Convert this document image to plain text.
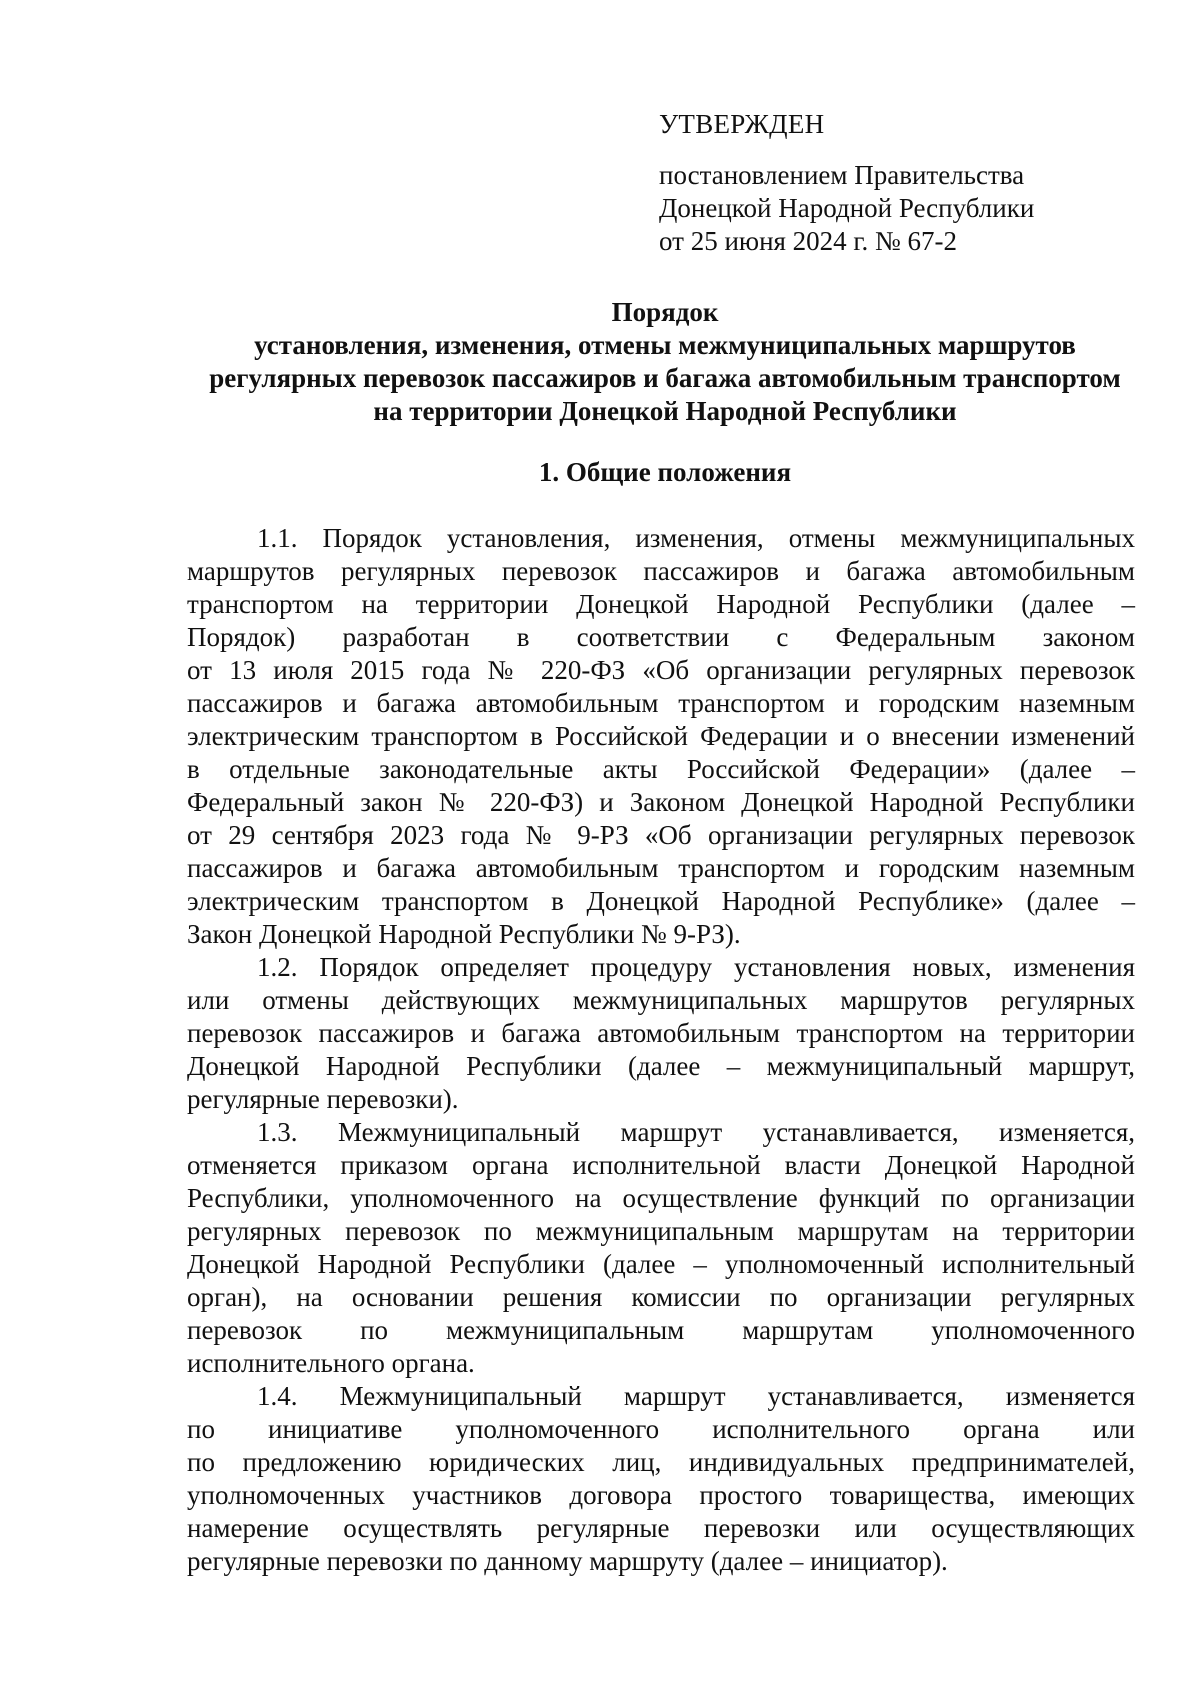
УТВЕРЖДЕН
постановлением Правительства
Донецкой Народной Республики
от 25 июня 2024 г. № 67-2
Порядок
установления, изменения, отмены межмуниципальных маршрутов
регулярных перевозок пассажиров и багажа автомобильным транспортом
на территории Донецкой Народной Республики
1. Общие положения
1.1. Порядок установления, изменения, отмены межмуниципальных
маршрутов регулярных перевозок пассажиров и багажа автомобильным
транспортом на территории Донецкой Народной Республики (далее –
Порядок) разработан в соответствии с Федеральным законом
от 13 июля 2015 года № 220-ФЗ «Об организации регулярных перевозок
пассажиров и багажа автомобильным транспортом и городским наземным
электрическим транспортом в Российской Федерации и о внесении изменений
в отдельные законодательные акты Российской Федерации» (далее –
Федеральный закон № 220-ФЗ) и Законом Донецкой Народной Республики
от 29 сентября 2023 года № 9-РЗ «Об организации регулярных перевозок
пассажиров и багажа автомобильным транспортом и городским наземным
электрическим транспортом в Донецкой Народной Республике» (далее –
Закон Донецкой Народной Республики № 9-РЗ).
1.2. Порядок определяет процедуру установления новых, изменения
или отмены действующих межмуниципальных маршрутов регулярных
перевозок пассажиров и багажа автомобильным транспортом на территории
Донецкой Народной Республики (далее – межмуниципальный маршрут,
регулярные перевозки).
1.3. Межмуниципальный маршрут устанавливается, изменяется,
отменяется приказом органа исполнительной власти Донецкой Народной
Республики, уполномоченного на осуществление функций по организации
регулярных перевозок по межмуниципальным маршрутам на территории
Донецкой Народной Республики (далее – уполномоченный исполнительный
орган), на основании решения комиссии по организации регулярных
перевозок по межмуниципальным маршрутам уполномоченного
исполнительного органа.
1.4. Межмуниципальный маршрут устанавливается, изменяется
по инициативе уполномоченного исполнительного органа или
по предложению юридических лиц, индивидуальных предпринимателей,
уполномоченных участников договора простого товарищества, имеющих
намерение осуществлять регулярные перевозки или осуществляющих
регулярные перевозки по данному маршруту (далее – инициатор).
